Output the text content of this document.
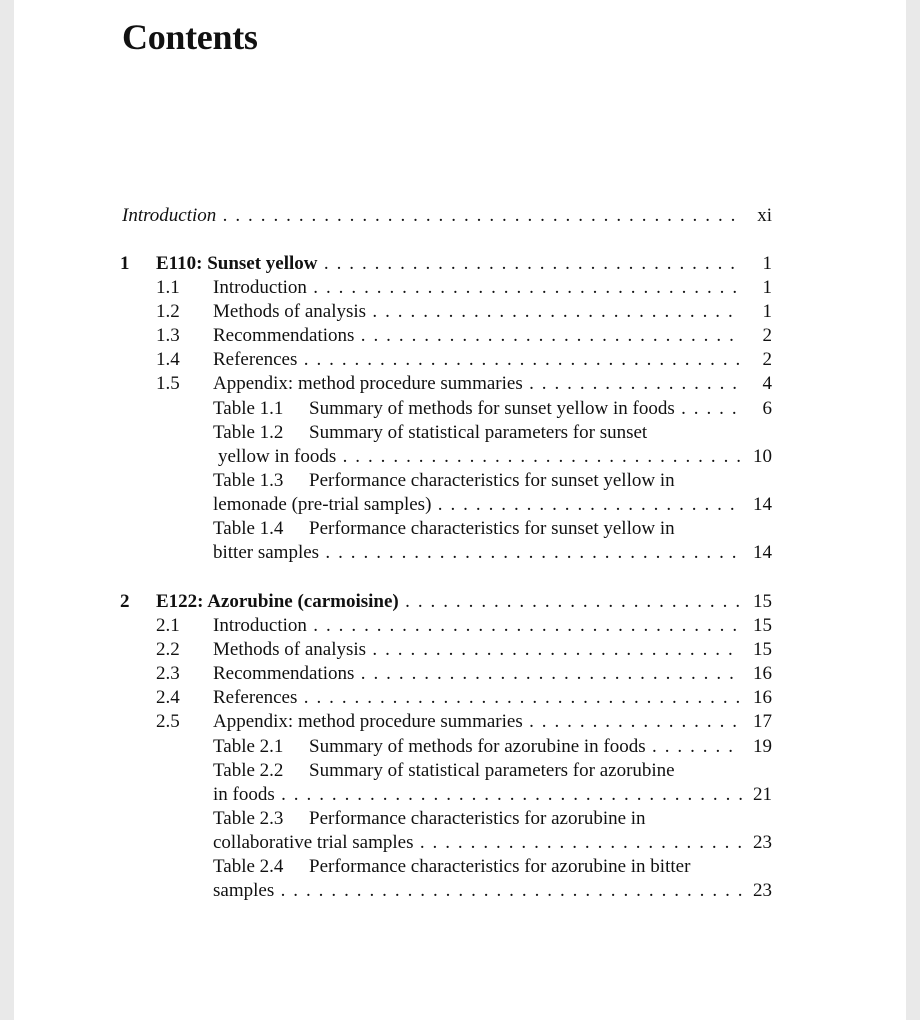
Contents
Introduction . . .	xi
1 E110: Sunset yellow . . .	1
1.1 Introduction . . .	1
1.2 Methods of analysis . . .	1
1.3 Recommendations . . .	2
1.4 References . . .	2
1.5 Appendix: method procedure summaries . . .	4
Table 1.1 Summary of methods for sunset yellow in foods . . .	6
Table 1.2 Summary of statistical parameters for sunset
yellow in foods . . .	10
Table 1.3 Performance characteristics for sunset yellow in
lemonade (pre-trial samples) . . .	14
Table 1.4 Performance characteristics for sunset yellow in
bitter samples . . .	14
2 E122: Azorubine (carmoisine) . . .	15
2.1 Introduction . . .	15
2.2 Methods of analysis . . .	15
2.3 Recommendations . . .	16
2.4 References . . .	16
2.5 Appendix: method procedure summaries . . .	17
Table 2.1 Summary of methods for azorubine in foods . . .	19
Table 2.2 Summary of statistical parameters for azorubine
in foods . . .	21
Table 2.3 Performance characteristics for azorubine in
collaborative trial samples . . .	23
Table 2.4 Performance characteristics for azorubine in bitter
samples . . .	23
